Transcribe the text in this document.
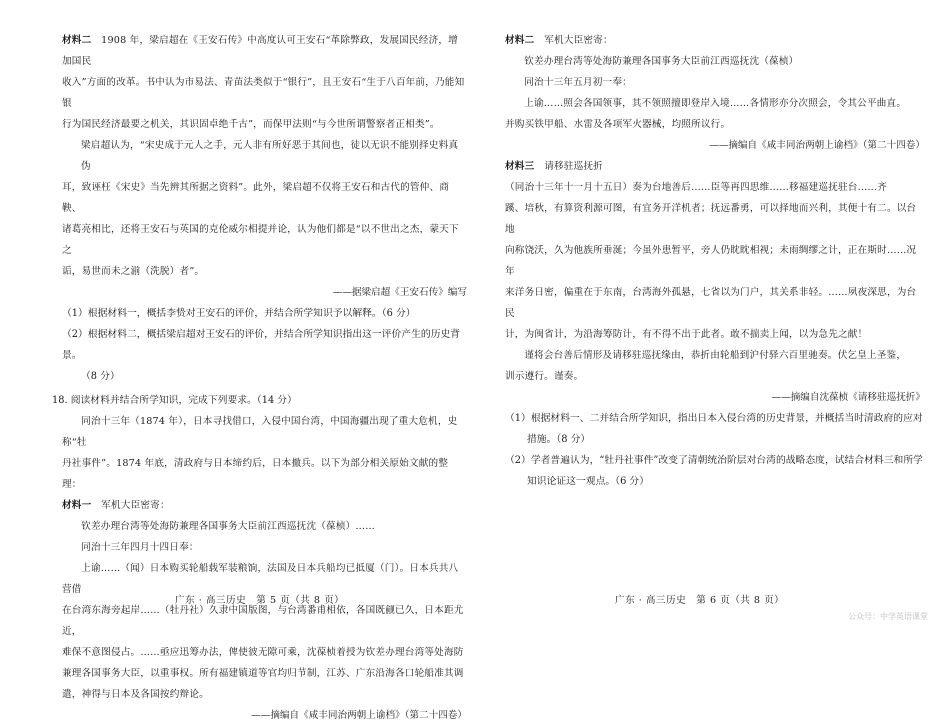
材料二　1908 年，梁启超在《王安石传》中高度认可王安石“革除弊政，发展国民经济，增加国民
收入”方面的改革。书中认为市易法、青苗法类似于“银行”，且王安石“生于八百年前，乃能知银
行为国民经济最要之机关，其识固卓绝千古”，而保甲法则“与今世所谓警察者正相类”。
梁启超认为，“宋史成于元人之手，元人非有所好恶于其间也，徒以无识不能别择史料真伪
耳，致诬枉《宋史》当先辨其所据之资料”。此外，梁启超不仅将王安石和古代的管仲、商鞅、
诸葛亮相比，还将王安石与英国的克伦威尔相提并论，认为他们都是“以不世出之杰，蒙天下之
诟，易世而未之湔（洗脱）者”。
——据梁启超《王安石传》编写
（1）根据材料一，概括李贽对王安石的评价，并结合所学知识予以解释。（6 分）
（2）根据材料二，概括梁启超对王安石的评价，并结合所学知识指出这一评价产生的历史背景。
（8 分）
18. 阅读材料并结合所学知识，完成下列要求。（14 分）
同治十三年（1874 年），日本寻找借口，入侵中国台湾，中国海疆出现了重大危机，史称“牡
丹社事件”。1874 年底，清政府与日本缔约后，日本撤兵。以下为部分相关原始文献的整理：
材料一　 军机大臣密寄：
钦差办理台湾等处海防兼理各国事务大臣前江西巡抚沈（葆桢）……
同治十三年四月十四日奉：
上谕……（闻）日本购买轮船载军装粮饷，法国及日本兵船均已抵厦（门）。日本兵共八营借
在台湾东海旁起岸……（牡丹社）久隶中国版图，与台湾番甫相依，各国既觎已久，日本距尤近，
难保不意图侵占。……亟应迅筹办法，俾使彼无隙可乘，沈葆桢着授为钦差办理台湾等处海防
兼理各国事务大臣，以重事权。所有福建镇道等官均归节制，江苏、广东沿海各口轮船准其调
遣，神得与日本及各国按约辩论。
——摘编自《咸丰同治两朝上谕档》（第二十四卷）
广东 · 高三历史　第 5 页（共 8 页）
材料二　 军机大臣密寄：
钦差办理台湾等处海防兼理各国事务大臣前江西巡抚沈（葆桢）
同治十三年五月初一奉：
上谕……照会各国领事，其不领照擅即登岸入境……各情形亦分次照会，令其公平曲直。
并购买铁甲船、水雷及各项军火器械，均照所议行。
——摘编自《咸丰同治两朝上谕档》（第二十四卷）
材料三　 请移驻巡抚折
（同治十三年十一月十五日）奏为台地善后……臣等再四思维……移福建巡抚驻台……齐
蹊、培秋，有算资利源可图，有宜务开洋机者；抚远番勇，可以择地而兴利，其便十有二。以台地
向称饶沃，久为他族所垂涎；今虽外患暂平，旁人仍眈眈相视；未雨绸缪之计，正在斯时……况年
来洋务日密，偏重在于东南，台湾海外孤悬，七省以为门户，其关系非轻。……夙夜深思，为台民
计，为闽省计，为沿海筹防计，有不得不出于此者。敢不揣卖上闻，以为急先之献！
谨将会台善后情形及请移驻巡抚缘由，恭折由轮船到沪付驿六百里驰奏。伏乞皇上圣鉴，
训示遵行。谨奏。
——摘编自沈葆桢《请移驻巡抚折》
（1）根据材料一、二并结合所学知识，指出日本入侵台湾的历史背景，并概括当时清政府的应对
措施。（8 分）
（2）学者普遍认为，“牡丹社事件”改变了清朝统治阶层对台湾的战略态度，试结合材料三和所学
知识论证这一观点。（6 分）
广东 · 高三历史　第 6 页（共 8 页）
公众号：中学英语课堂
